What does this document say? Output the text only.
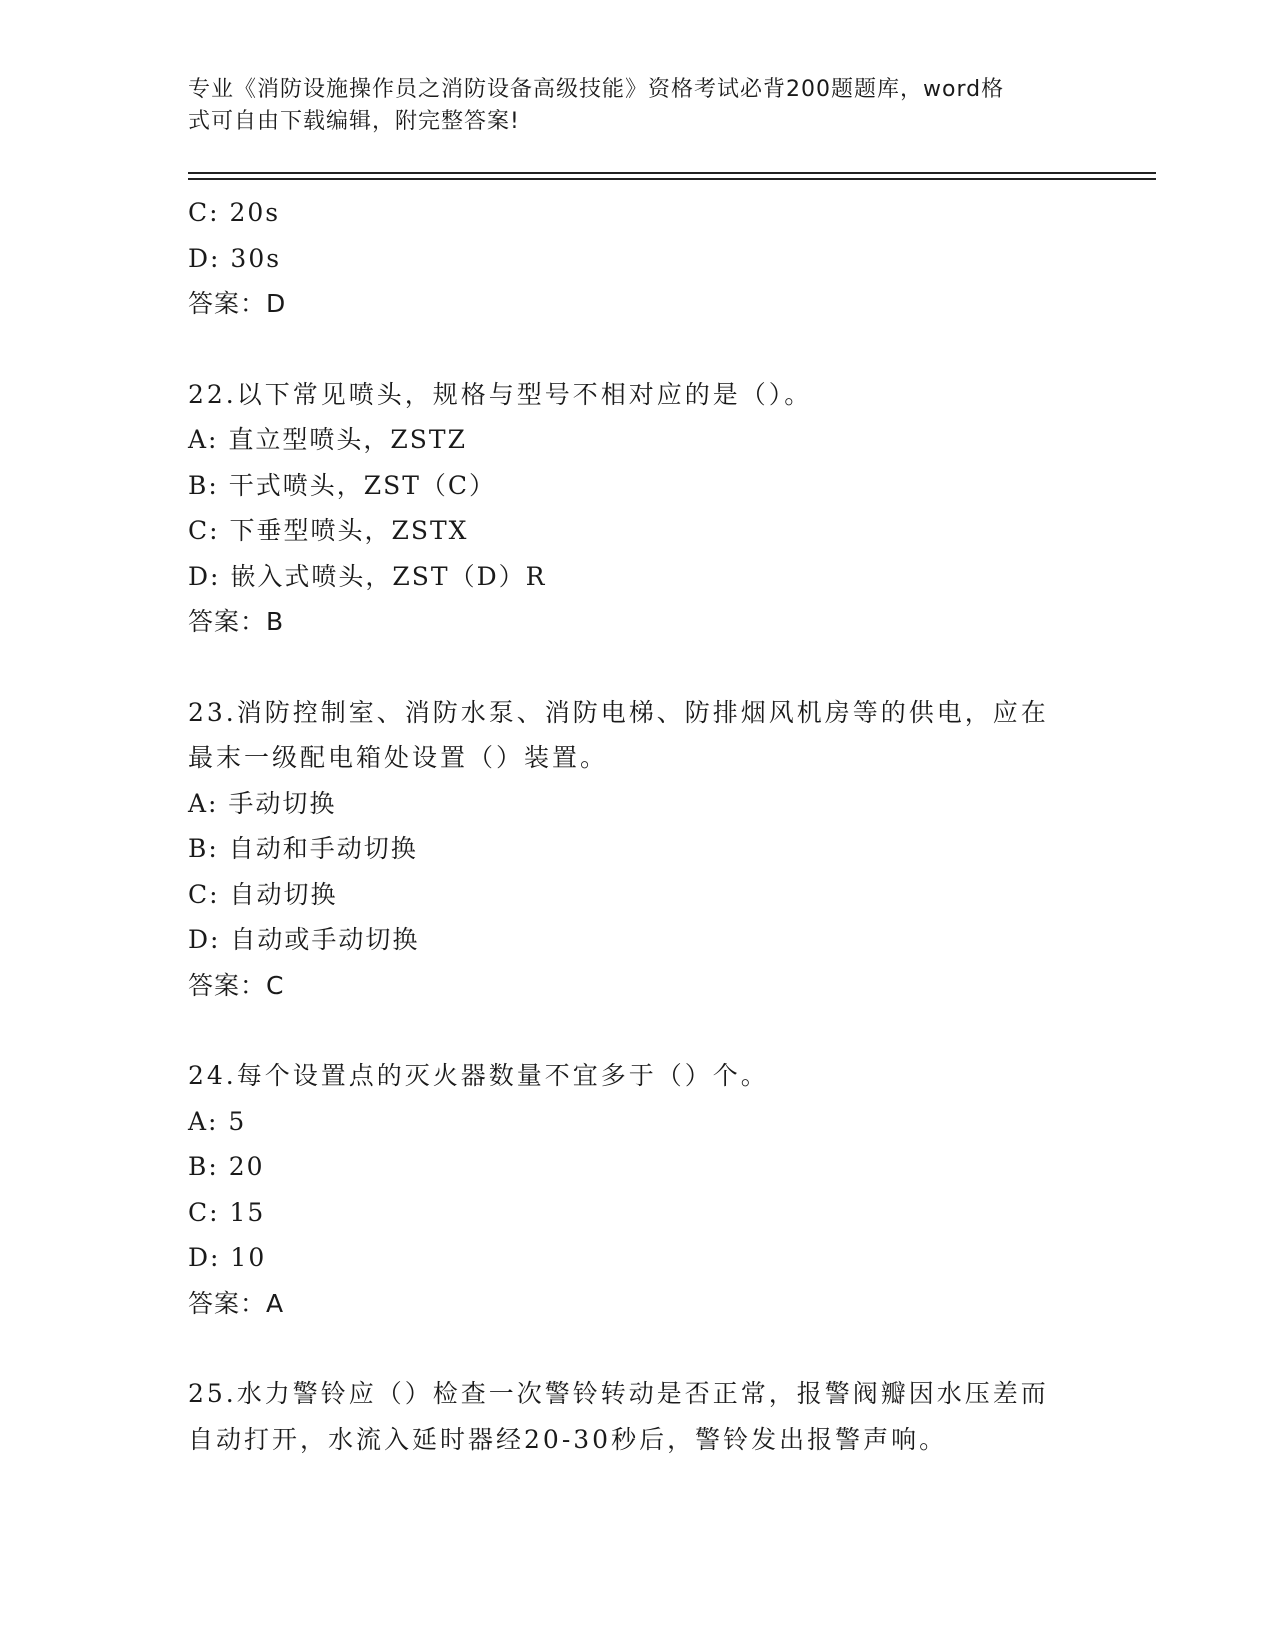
专业《消防设施操作员之消防设备高级技能》资格考试必背200题题库，word格
式可自由下载编辑，附完整答案!
C: 20s
D: 30s
答案：D
22.以下常见喷头，规格与型号不相对应的是（）。
A: 直立型喷头，ZSTZ
B: 干式喷头，ZST（C）
C: 下垂型喷头，ZSTX
D: 嵌入式喷头，ZST（D）R
答案：B
23.消防控制室、消防水泵、消防电梯、防排烟风机房等的供电，应在
最末一级配电箱处设置（）装置。
A: 手动切换
B: 自动和手动切换
C: 自动切换
D: 自动或手动切换
答案：C
24.每个设置点的灭火器数量不宜多于（）个。
A: 5
B: 20
C: 15
D: 10
答案：A
25.水力警铃应（）检查一次警铃转动是否正常，报警阀瓣因水压差而
自动打开，水流入延时器经20-30秒后，警铃发出报警声响。
